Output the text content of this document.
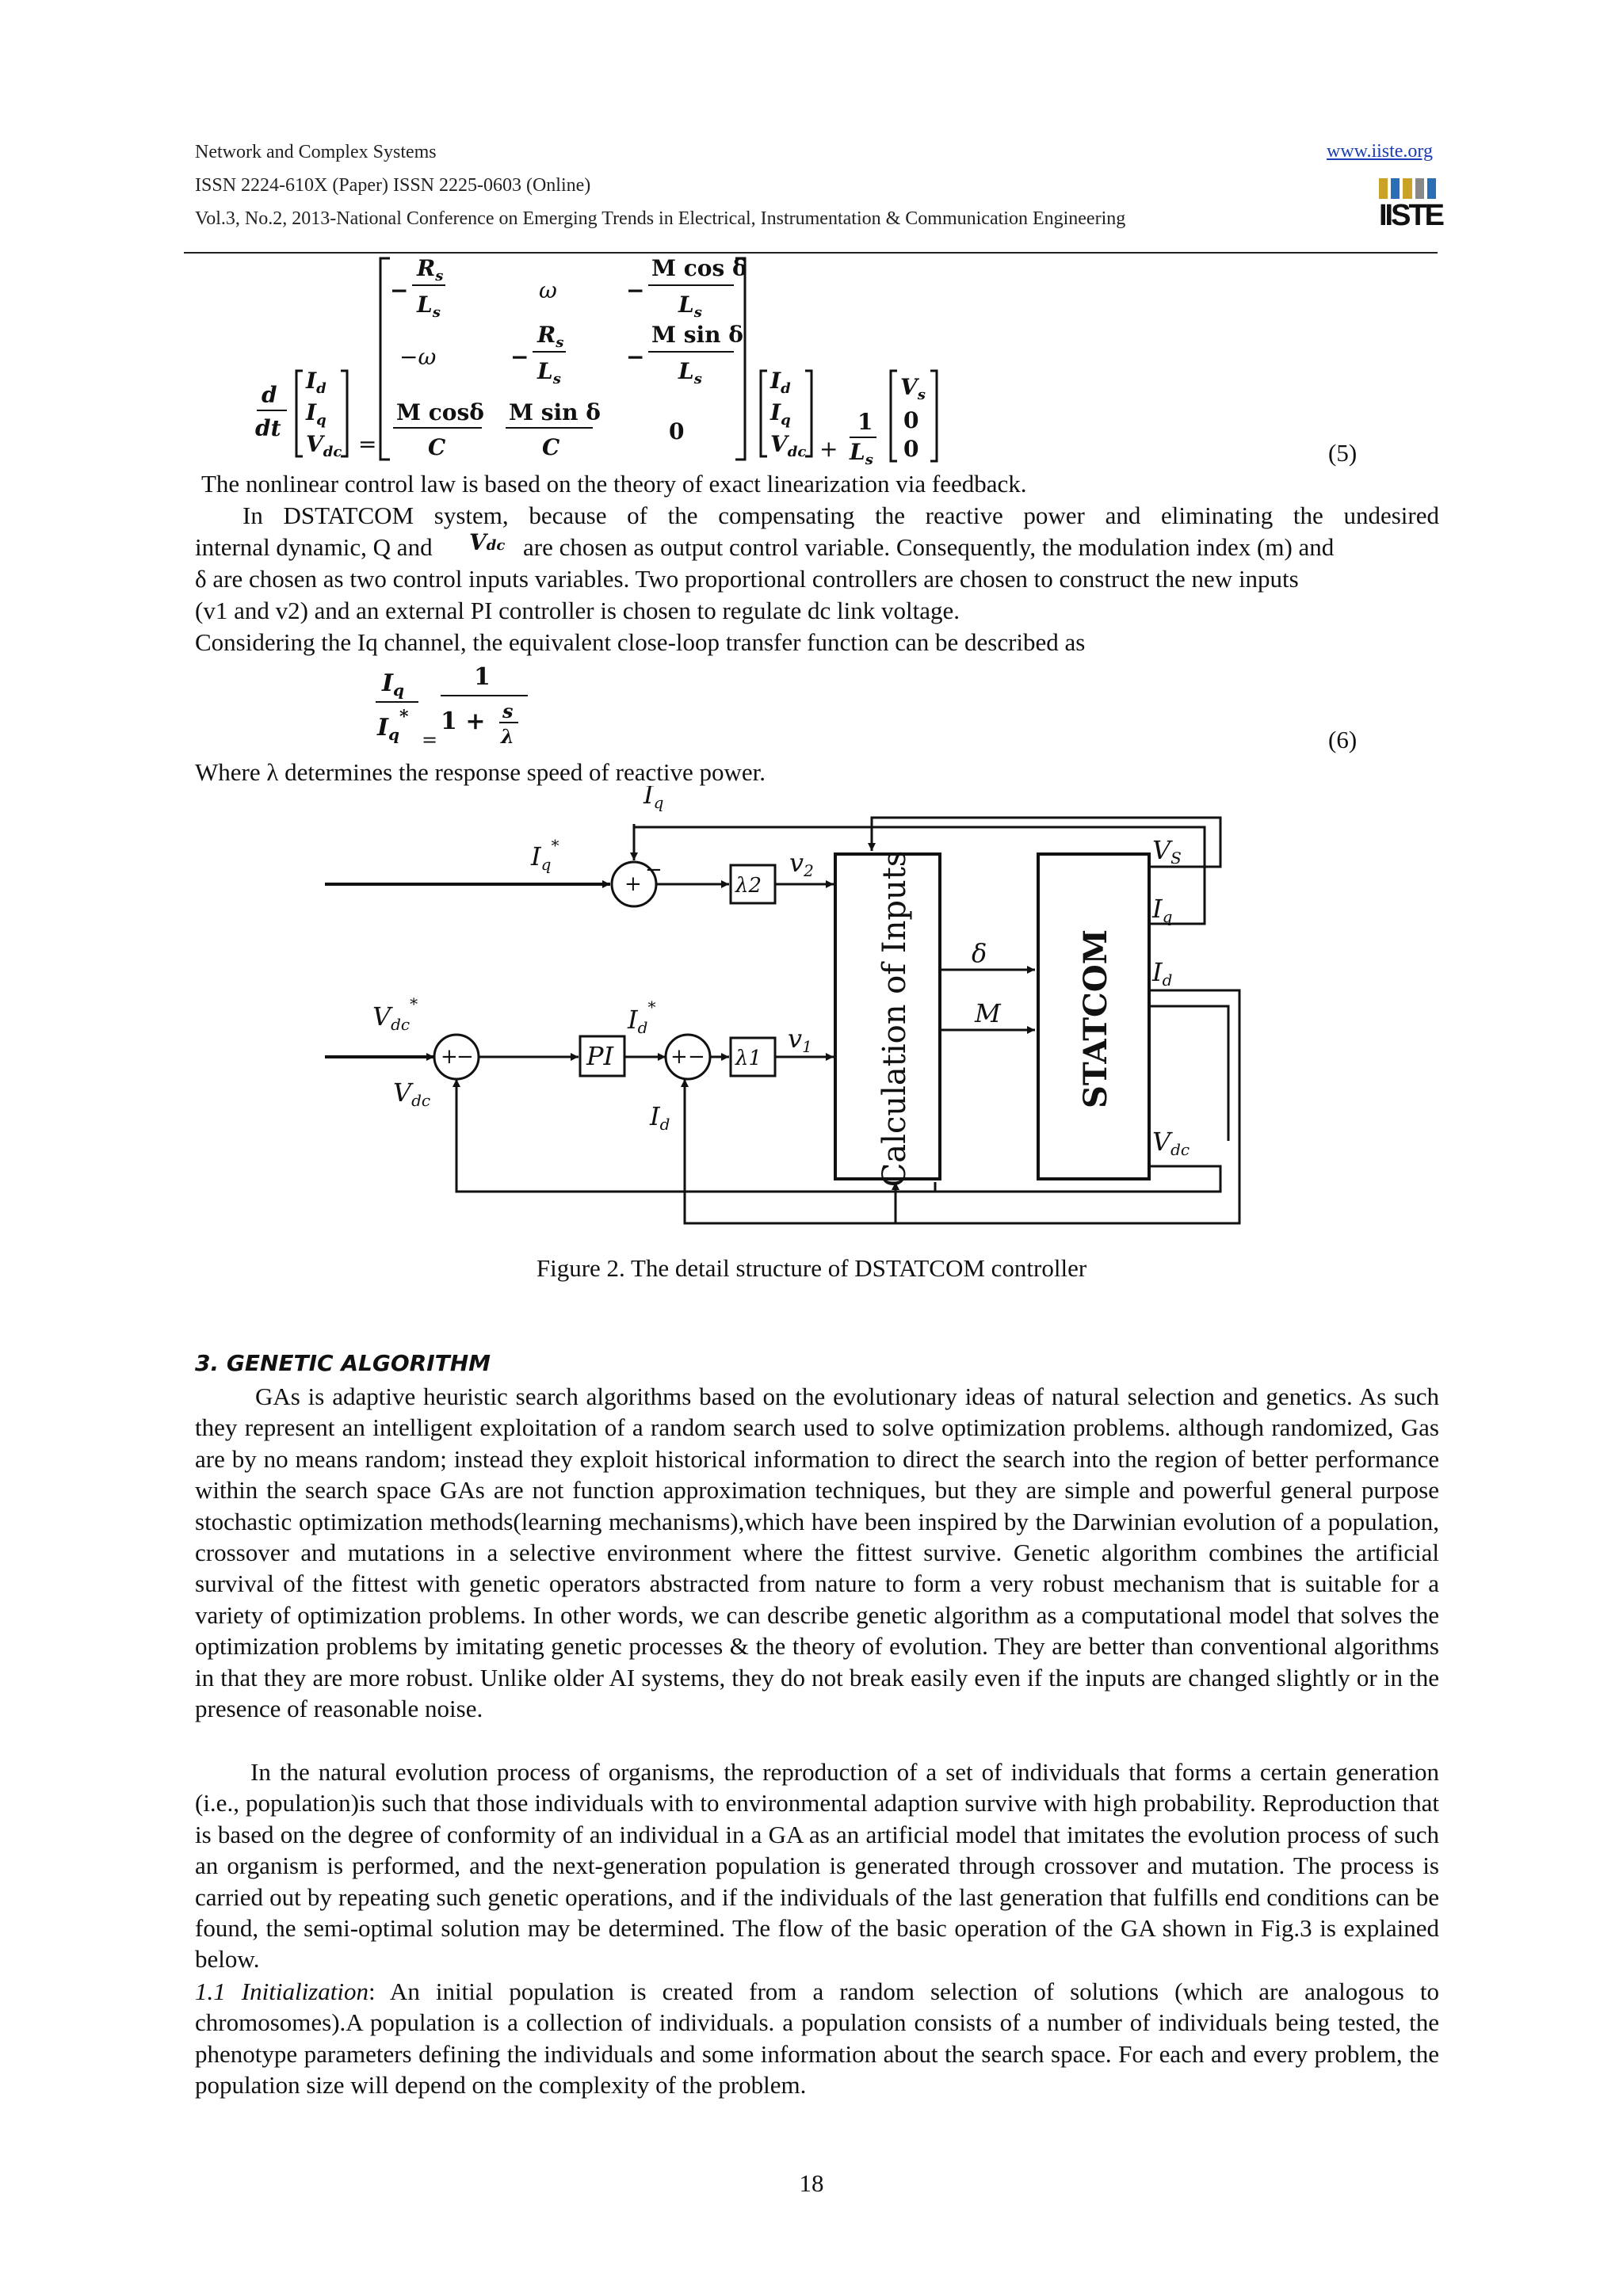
Network and Complex Systems
ISSN 2224-610X (Paper) ISSN 2225-0603 (Online)
Vol.3, No.2, 2013-National Conference on Emerging Trends in Electrical, Instrumentation & Communication Engineering
www.iiste.org
IISTE
d
dt
$I_d$
$I_q$
$V_{dc}$ =
−
$R_s$
$L_s$
ω	−
M cos δ
$L_s$
−ω	−
$R_s$
$L_s$
−
M sin δ
$L_s$
M cosδ
C
M sin δ
C
0
$I_d$
$I_q$
$V_{dc}$ +
1
$L_s$
$V_s$
0
0	(5)
The nonlinear control law is based on the theory of exact linearization via feedback.
In DSTATCOM system, because of the compensating the reactive power and eliminating the undesired
internal dynamic, Q and Vdc are chosen as output control variable. Consequently, the modulation index (m) and
δ are chosen as two control inputs variables. Two proportional controllers are chosen to construct the new inputs
(v1 and v2) and an external PI controller is chosen to regulate dc link voltage.
Considering the Iq channel, the equivalent close-loop transfer function can be described as
$I_q$
$I_q^*$
=
1
1 + s
λ	(6)
Where λ determines the response speed of reactive power.
Iq
Iq*
+
−	v2
Vdc*
Vdc
+
−	PI
Id*
+ −
Id
λ1
λ2
v1
δ
M
VS
Iq
Id
Vdc
Calculation of Inputs	STATCOM
Figure 2. The detail structure of DSTATCOM controller
3. GENETIC ALGORITHM

GAs is adaptive heuristic search algorithms based on the evolutionary ideas of natural selection and genetics. As such they represent an intelligent exploitation of a random search used to solve optimization problems. although randomized, Gas are by no means random; instead they exploit historical information to direct the search into the region of better performance within the search space GAs are not function approximation techniques, but they are simple and powerful general purpose stochastic optimization methods(learning mechanisms),which have been inspired by the Darwinian evolution of a population, crossover and mutations in a selective environment where the fittest survive. Genetic algorithm combines the artificial survival of the fittest with genetic operators abstracted from nature to form a very robust mechanism that is suitable for a variety of optimization problems. In other words, we can describe genetic algorithm as a computational model that solves the optimization problems by imitating genetic processes & the theory of evolution. They are better than conventional algorithms in that they are more robust. Unlike older AI systems, they do not break easily even if the inputs are changed slightly or in the presence of reasonable noise.

In the natural evolution process of organisms, the reproduction of a set of individuals that forms a certain generation (i.e., population)is such that those individuals with to environmental adaption survive with high probability. Reproduction that is based on the degree of conformity of an individual in a GA as an artificial model that imitates the evolution process of such an organism is performed, and the next-generation population is generated through crossover and mutation. The process is carried out by repeating such genetic operations, and if the individuals of the last generation that fulfills end conditions can be found, the semi-optimal solution may be determined. The flow of the basic operation of the GA shown in Fig.3 is explained below.

1.1 Initialization: An initial population is created from a random selection of solutions (which are analogous to chromosomes).A population is a collection of individuals. a population consists of a number of individuals being tested, the phenotype parameters defining the individuals and some information about the search space. For each and every problem, the population size will depend on the complexity of the problem.

18
